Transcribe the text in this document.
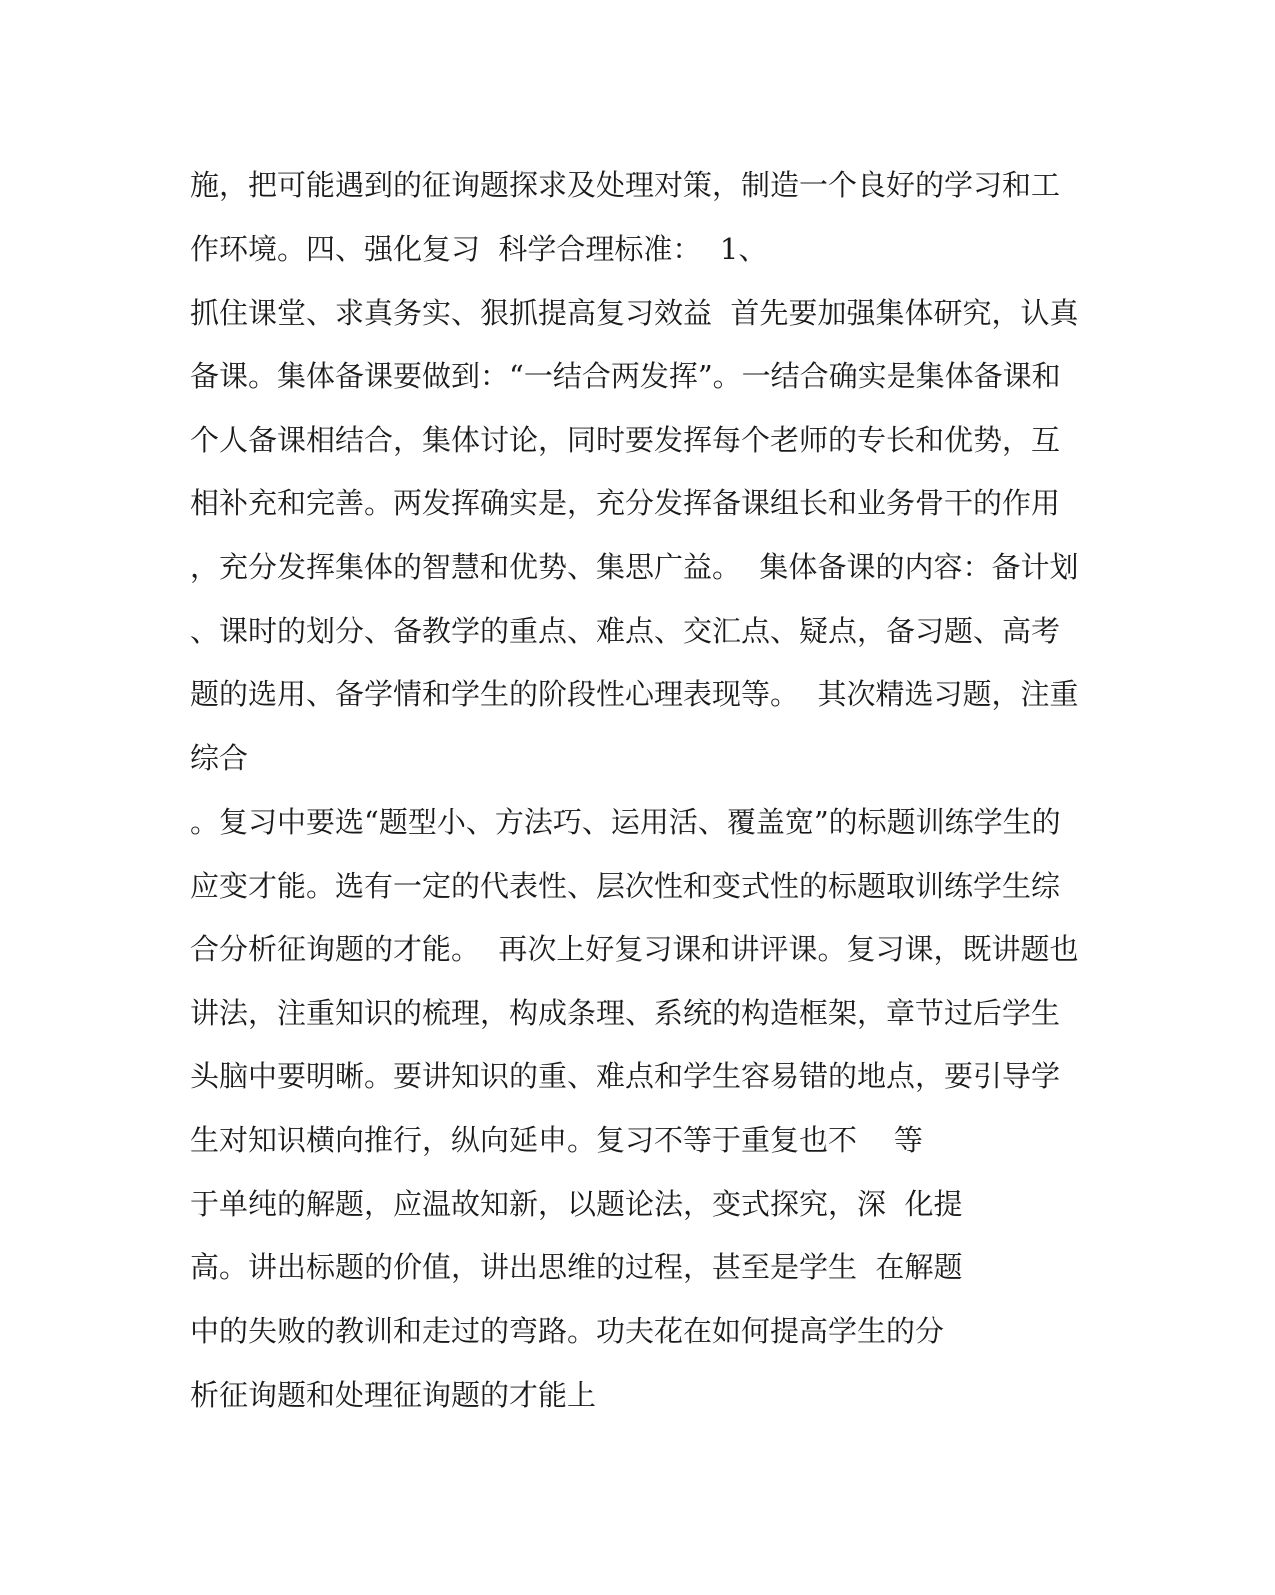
施，把可能遇到的征询题探求及处理对策，制造一个良好的学习和工
作环境。四、强化复习  科学合理标准：  1、
抓住课堂、求真务实、狠抓提高复习效益  首先要加强集体研究，认真
备课。集体备课要做到：“一结合两发挥”。一结合确实是集体备课和
个人备课相结合，集体讨论，同时要发挥每个老师的专长和优势，互
相补充和完善。两发挥确实是，充分发挥备课组长和业务骨干的作用
，充分发挥集体的智慧和优势、集思广益。  集体备课的内容：备计划
、课时的划分、备教学的重点、难点、交汇点、疑点，备习题、高考
题的选用、备学情和学生的阶段性心理表现等。  其次精选习题，注重
综合
。复习中要选“题型小、方法巧、运用活、覆盖宽”的标题训练学生的
应变才能。选有一定的代表性、层次性和变式性的标题取训练学生综
合分析征询题的才能。  再次上好复习课和讲评课。复习课，既讲题也
讲法，注重知识的梳理，构成条理、系统的构造框架，章节过后学生
头脑中要明晰。要讲知识的重、难点和学生容易错的地点，要引导学
生对知识横向推行，纵向延申。复习不等于重复也不    等
于单纯的解题，应温故知新，以题论法，变式探究，深  化提
高。讲出标题的价值，讲出思维的过程，甚至是学生  在解题
中的失败的教训和走过的弯路。功夫花在如何提高学生的分
析征询题和处理征询题的才能上
